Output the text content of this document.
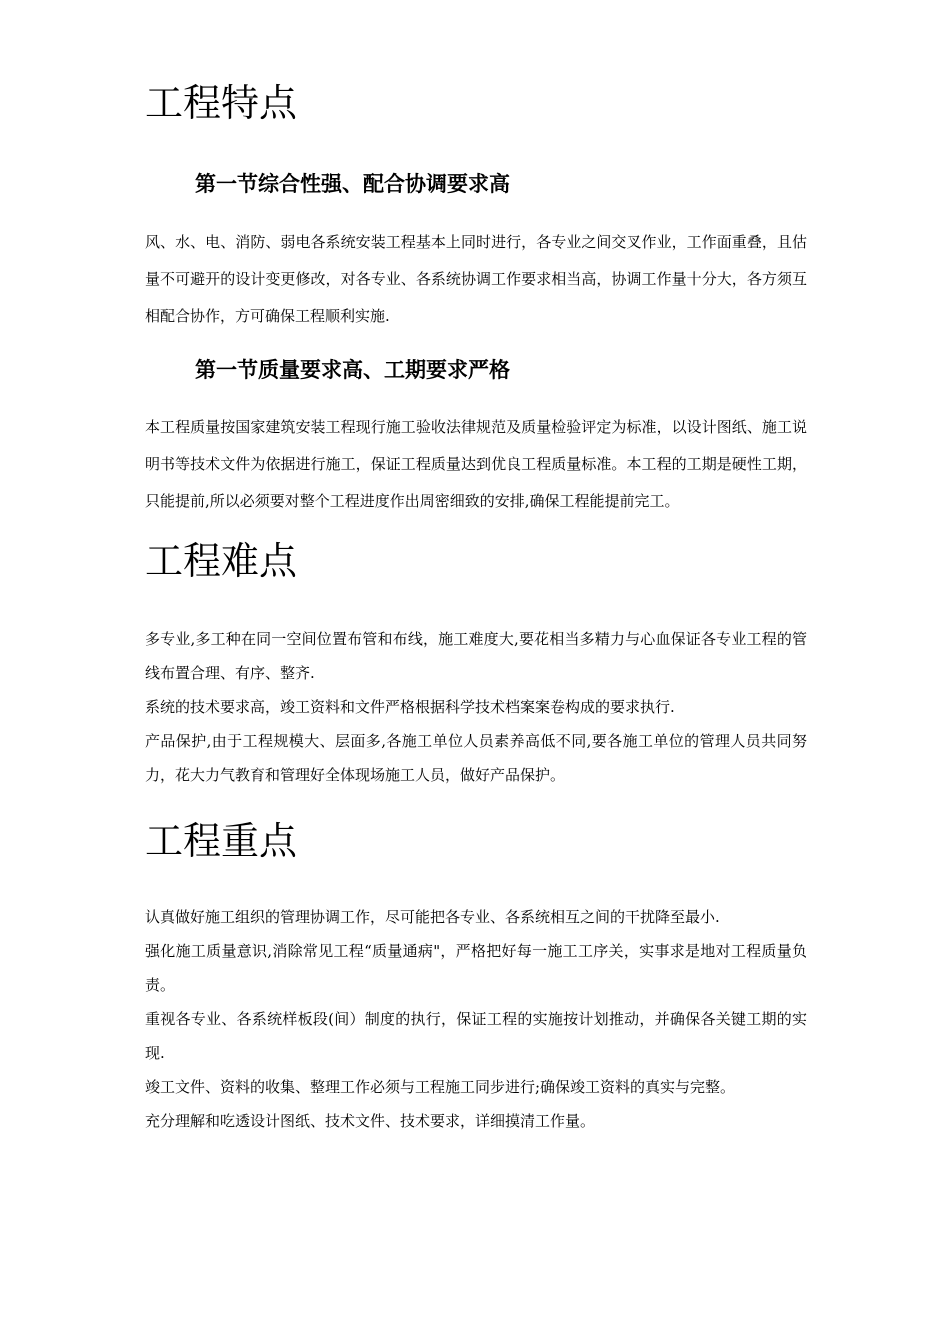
工程特点
第一节综合性强、配合协调要求高

风、水、电、消防、弱电各系统安装工程基本上同时进行，各专业之间交叉作业，工作面重叠，且估量不可避开的设计变更修改，对各专业、各系统协调工作要求相当高，协调工作量十分大，各方须互相配合协作，方可确保工程顺利实施.

第一节质量要求高、工期要求严格

本工程质量按国家建筑安装工程现行施工验收法律规范及质量检验评定为标准，以设计图纸、施工说明书等技术文件为依据进行施工，保证工程质量达到优良工程质量标准。本工程的工期是硬性工期，只能提前,所以必须要对整个工程进度作出周密细致的安排,确保工程能提前完工。

工程难点

多专业,多工种在同一空间位置布管和布线，施工难度大,要花相当多精力与心血保证各专业工程的管线布置合理、有序、整齐.

系统的技术要求高，竣工资料和文件严格根据科学技术档案案卷构成的要求执行.

产品保护,由于工程规模大、层面多,各施工单位人员素养高低不同,要各施工单位的管理人员共同努力，花大力气教育和管理好全体现场施工人员，做好产品保护。

工程重点

认真做好施工组织的管理协调工作，尽可能把各专业、各系统相互之间的干扰降至最小.

强化施工质量意识,消除常见工程“质量通病"，严格把好每一施工工序关，实事求是地对工程质量负责。

重视各专业、各系统样板段(间）制度的执行，保证工程的实施按计划推动，并确保各关键工期的实现.

竣工文件、资料的收集、整理工作必须与工程施工同步进行;确保竣工资料的真实与完整。

充分理解和吃透设计图纸、技术文件、技术要求，详细摸清工作量。
